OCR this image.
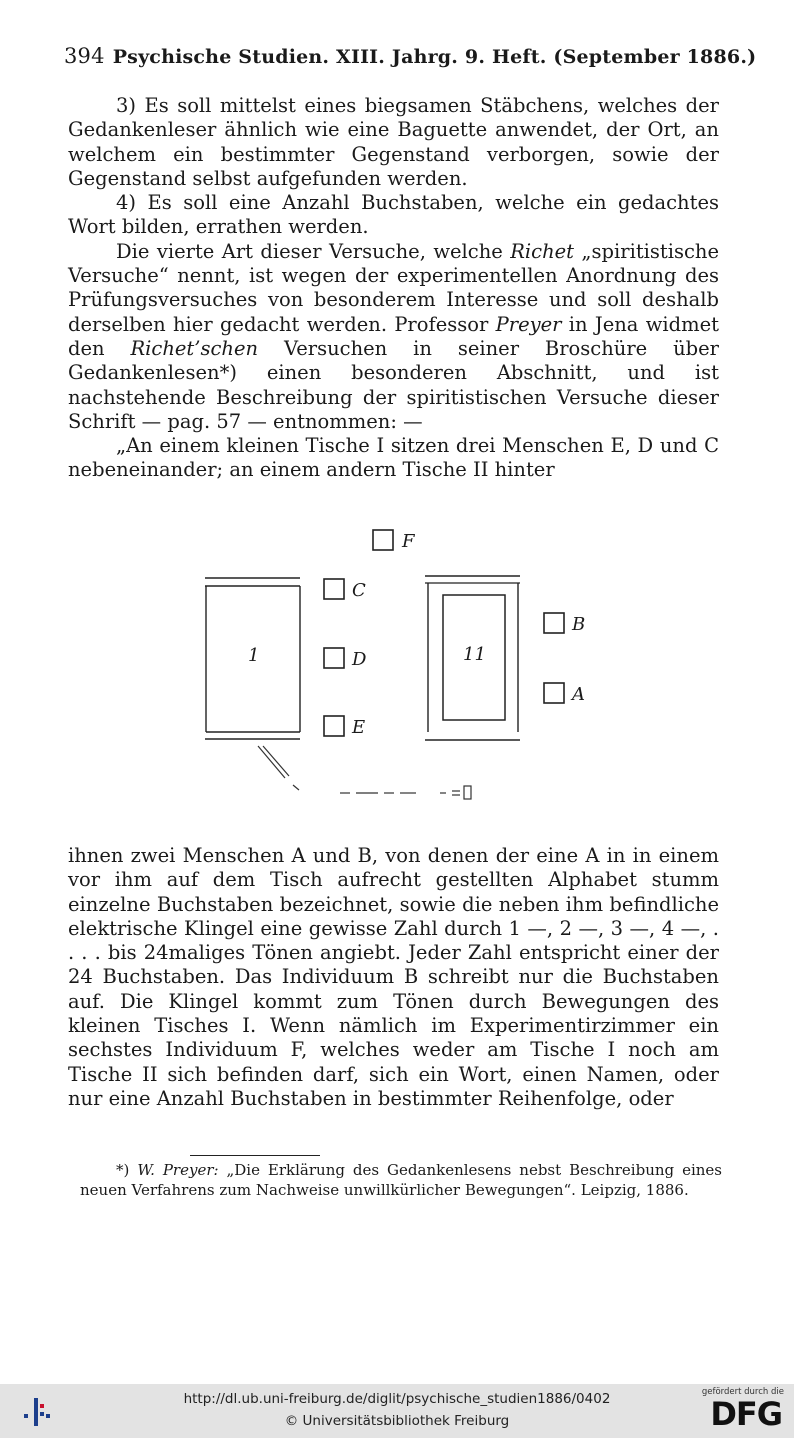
394 Psychische Studien. XIII. Jahrg. 9. Heft. (September 1886.)

3) Es soll mittelst eines biegsamen Stäbchens, welches der Gedankenleser ähnlich wie eine Baguette anwendet, der Ort, an welchem ein bestimmter Gegenstand verborgen, sowie der Gegenstand selbst aufgefunden werden.

4) Es soll eine Anzahl Buchstaben, welche ein gedachtes Wort bilden, errathen werden.

Die vierte Art dieser Versuche, welche Richet „spiritistische Versuche“ nennt, ist wegen der experimentellen Anordnung des Prüfungsversuches von besonderem Interesse und soll deshalb derselben hier gedacht werden. Professor Preyer in Jena widmet den Richet’schen Versuchen in seiner Broschüre über Gedankenlesen*) einen besonderen Abschnitt, und ist nachstehende Beschreibung der spiritistischen Versuche dieser Schrift — pag. 57 — entnommen: —

„An einem kleinen Tische I sitzen drei Menschen E, D und C nebeneinander; an einem andern Tische II hinter

F
1
C
D
E
11
B
A

ihnen zwei Menschen A und B, von denen der eine A in in einem vor ihm auf dem Tisch aufrecht gestellten Alphabet stumm einzelne Buchstaben bezeichnet, sowie die neben ihm befindliche elektrische Klingel eine gewisse Zahl durch 1 —, 2 —, 3 —, 4 —, . . . . bis 24maliges Tönen angiebt. Jeder Zahl entspricht einer der 24 Buchstaben. Das Individuum B schreibt nur die Buchstaben auf. Die Klingel kommt zum Tönen durch Bewegungen des kleinen Tisches I. Wenn nämlich im Experimentirzimmer ein sechstes Individuum F, welches weder am Tische I noch am Tische II sich befinden darf, sich ein Wort, einen Namen, oder nur eine Anzahl Buchstaben in bestimmter Reihenfolge, oder

*) W. Preyer: „Die Erklärung des Gedankenlesens nebst Beschreibung eines neuen Verfahrens zum Nachweise unwillkürlicher Bewegungen“. Leipzig, 1886.

http://dl.ub.uni-freiburg.de/diglit/psychische_studien1886/0402
© Universitätsbibliothek Freiburg
gefördert durch die
DFG
